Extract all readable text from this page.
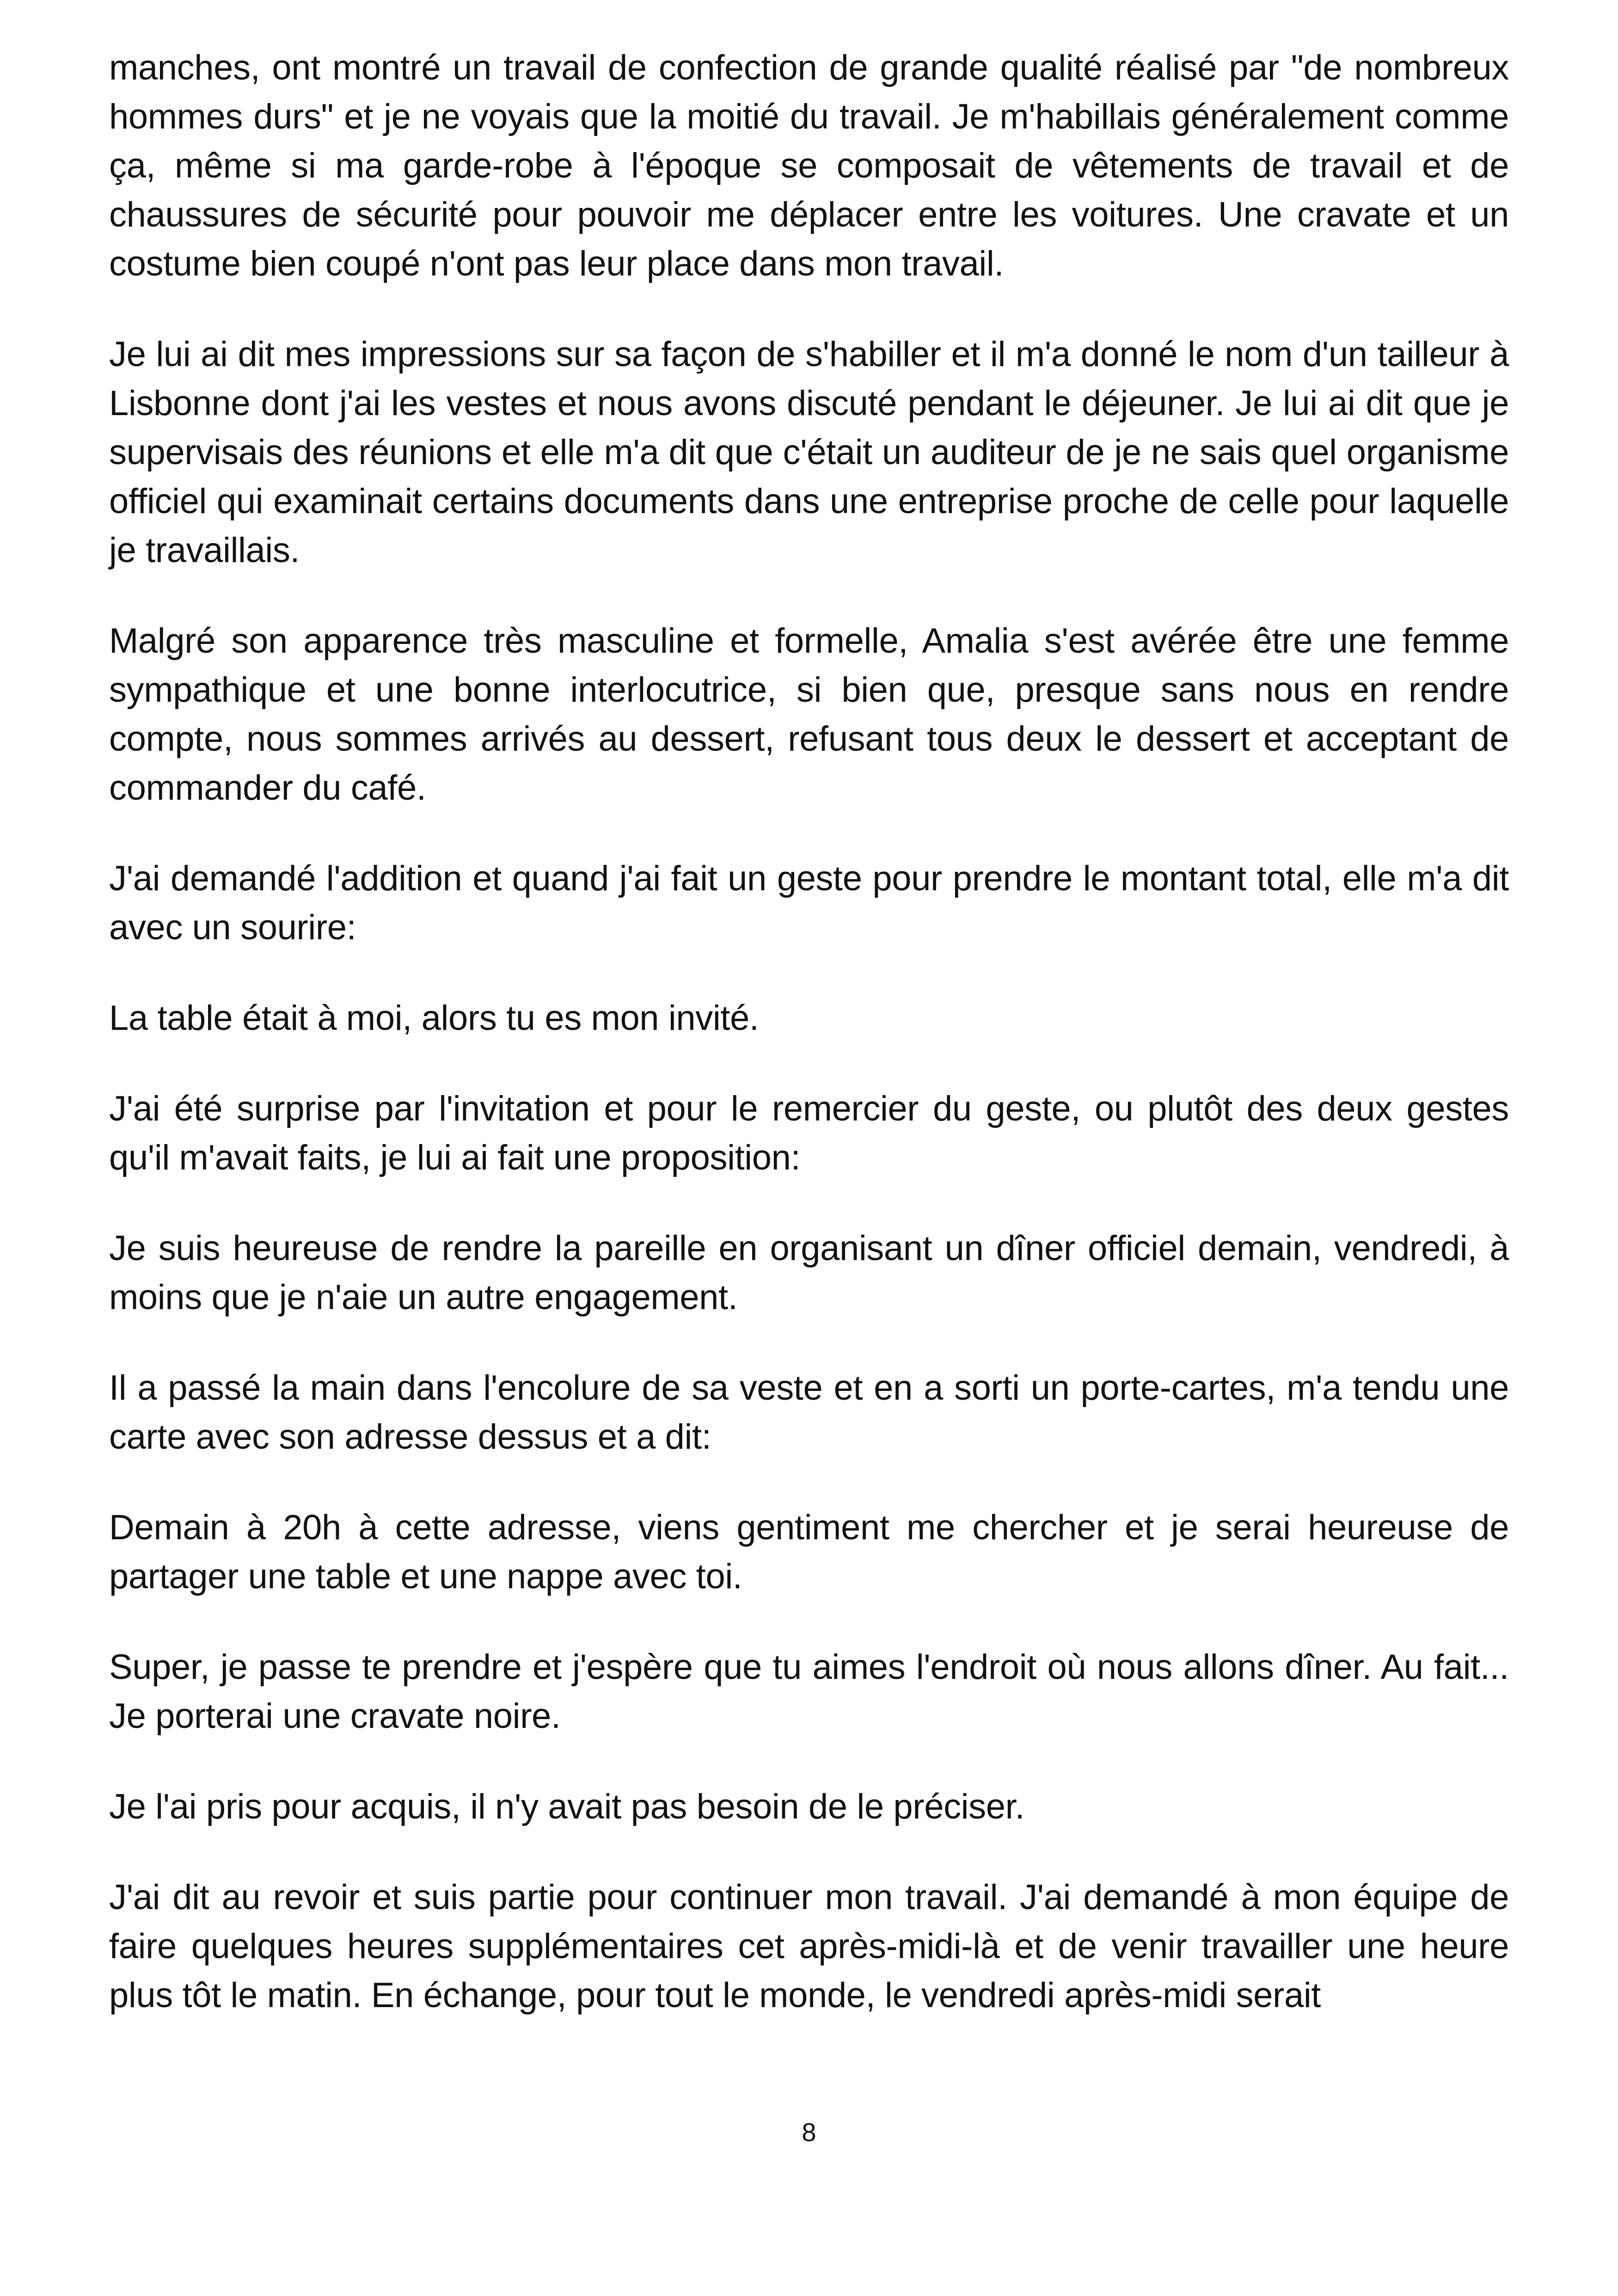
manches, ont montré un travail de confection de grande qualité réalisé par "de nombreux hommes durs" et je ne voyais que la moitié du travail. Je m'habillais généralement comme ça, même si ma garde-robe à l'époque se composait de vêtements de travail et de chaussures de sécurité pour pouvoir me déplacer entre les voitures. Une cravate et un costume bien coupé n'ont pas leur place dans mon travail.

Je lui ai dit mes impressions sur sa façon de s'habiller et il m'a donné le nom d'un tailleur à Lisbonne dont j'ai les vestes et nous avons discuté pendant le déjeuner. Je lui ai dit que je supervisais des réunions et elle m'a dit que c'était un auditeur de je ne sais quel organisme officiel qui examinait certains documents dans une entreprise proche de celle pour laquelle je travaillais.

Malgré son apparence très masculine et formelle, Amalia s'est avérée être une femme sympathique et une bonne interlocutrice, si bien que, presque sans nous en rendre compte, nous sommes arrivés au dessert, refusant tous deux le dessert et acceptant de commander du café.

J'ai demandé l'addition et quand j'ai fait un geste pour prendre le montant total, elle m'a dit avec un sourire:

La table était à moi, alors tu es mon invité.

J'ai été surprise par l'invitation et pour le remercier du geste, ou plutôt des deux gestes qu'il m'avait faits, je lui ai fait une proposition:

Je suis heureuse de rendre la pareille en organisant un dîner officiel demain, vendredi, à moins que je n'aie un autre engagement.

Il a passé la main dans l'encolure de sa veste et en a sorti un porte-cartes, m'a tendu une carte avec son adresse dessus et a dit:

Demain à 20h à cette adresse, viens gentiment me chercher et je serai heureuse de partager une table et une nappe avec toi.

Super, je passe te prendre et j'espère que tu aimes l'endroit où nous allons dîner. Au fait... Je porterai une cravate noire.

Je l'ai pris pour acquis, il n'y avait pas besoin de le préciser.

J'ai dit au revoir et suis partie pour continuer mon travail. J'ai demandé à mon équipe de faire quelques heures supplémentaires cet après-midi-là et de venir travailler une heure plus tôt le matin. En échange, pour tout le monde, le vendredi après-midi serait

8
